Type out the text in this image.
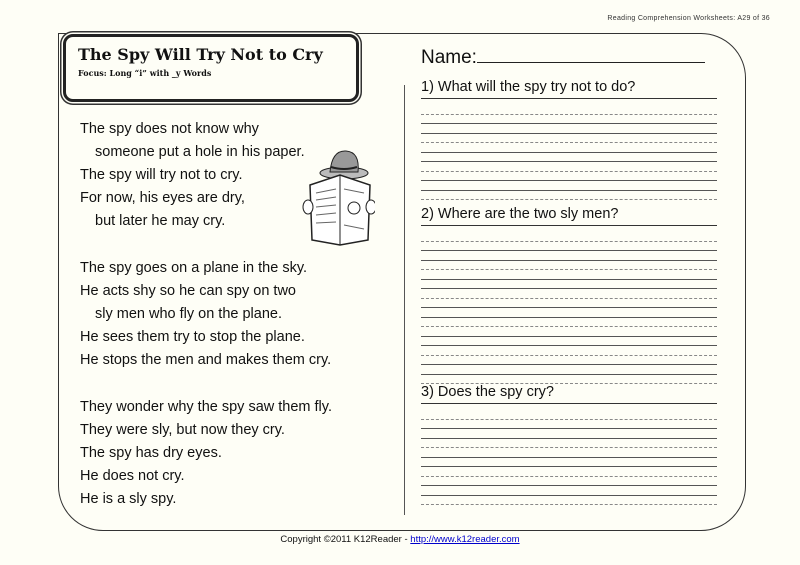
Reading Comprehension Worksheets: A29 of 36
The Spy Will Try Not to Cry
Focus: Long “i” with _y Words
The spy does not know why
someone put a hole in his paper.
The spy will try not to cry.
For now, his eyes are dry,
but later he may cry.
The spy goes on a plane in the sky.
He acts shy so he can spy on two
sly men who fly on the plane.
He sees them try to stop the plane.
He stops the men and makes them cry.
They wonder why the spy saw them fly.
They were sly, but now they cry.
The spy has dry eyes.
He does not cry.
He is a sly spy.
Name:
1) What will the spy try not to do?
2) Where are the two sly men?
3) Does the spy cry?
Copyright ©2011 K12Reader - http://www.k12reader.com
